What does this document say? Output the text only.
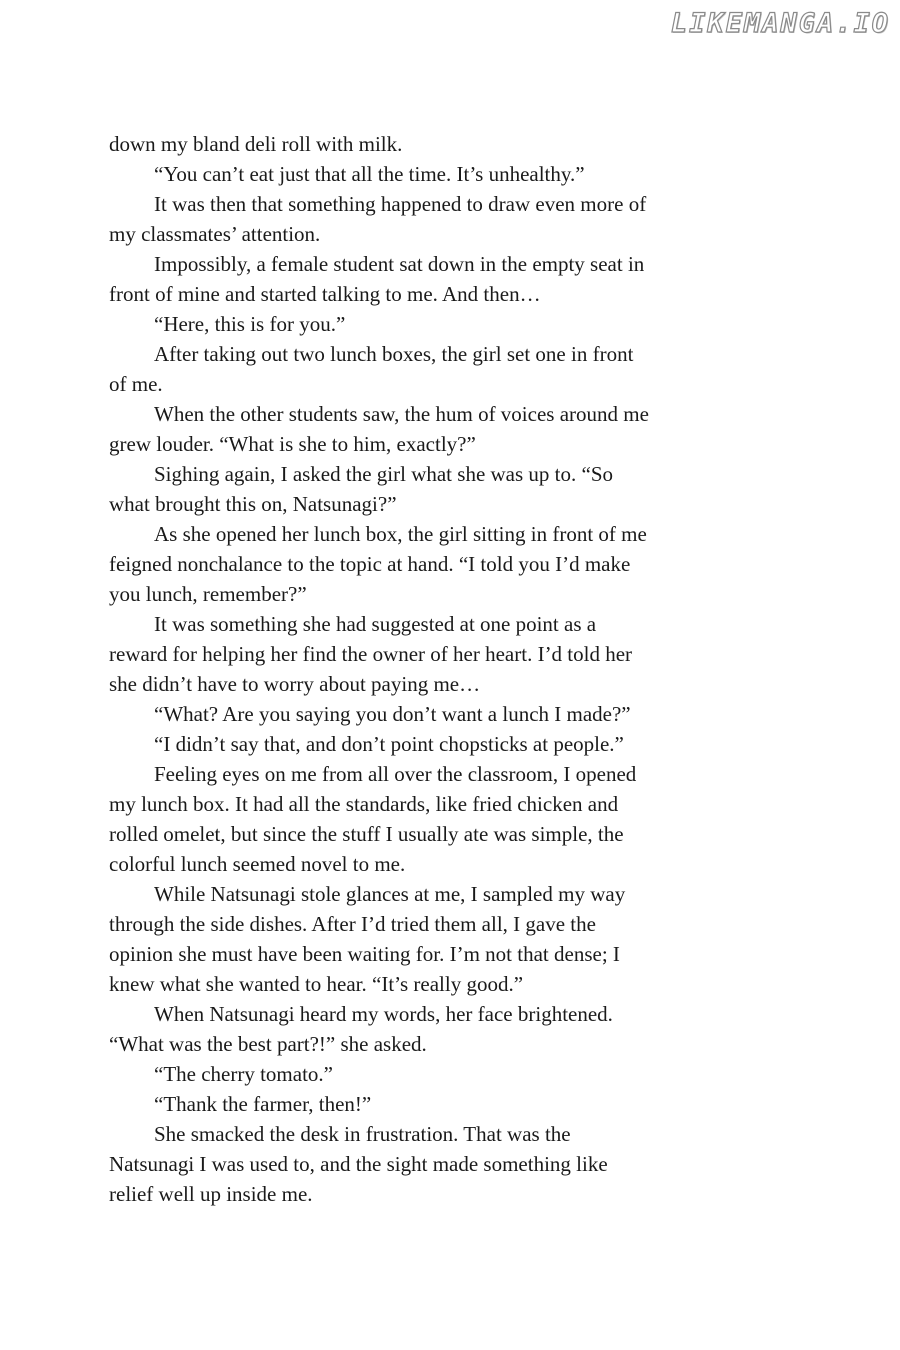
LIKEMANGA.IO
down my bland deli roll with milk.
“You can’t eat just that all the time. It’s unhealthy.”
It was then that something happened to draw even more of
my classmates’ attention.
Impossibly, a female student sat down in the empty seat in
front of mine and started talking to me. And then…
“Here, this is for you.”
After taking out two lunch boxes, the girl set one in front
of me.
When the other students saw, the hum of voices around me
grew louder. “What is she to him, exactly?”
Sighing again, I asked the girl what she was up to. “So
what brought this on, Natsunagi?”
As she opened her lunch box, the girl sitting in front of me
feigned nonchalance to the topic at hand. “I told you I’d make
you lunch, remember?”
It was something she had suggested at one point as a
reward for helping her find the owner of her heart. I’d told her
she didn’t have to worry about paying me…
“What? Are you saying you don’t want a lunch I made?”
“I didn’t say that, and don’t point chopsticks at people.”
Feeling eyes on me from all over the classroom, I opened
my lunch box. It had all the standards, like fried chicken and
rolled omelet, but since the stuff I usually ate was simple, the
colorful lunch seemed novel to me.
While Natsunagi stole glances at me, I sampled my way
through the side dishes. After I’d tried them all, I gave the
opinion she must have been waiting for. I’m not that dense; I
knew what she wanted to hear. “It’s really good.”
When Natsunagi heard my words, her face brightened.
“What was the best part?!” she asked.
“The cherry tomato.”
“Thank the farmer, then!”
She smacked the desk in frustration. That was the
Natsunagi I was used to, and the sight made something like
relief well up inside me.
